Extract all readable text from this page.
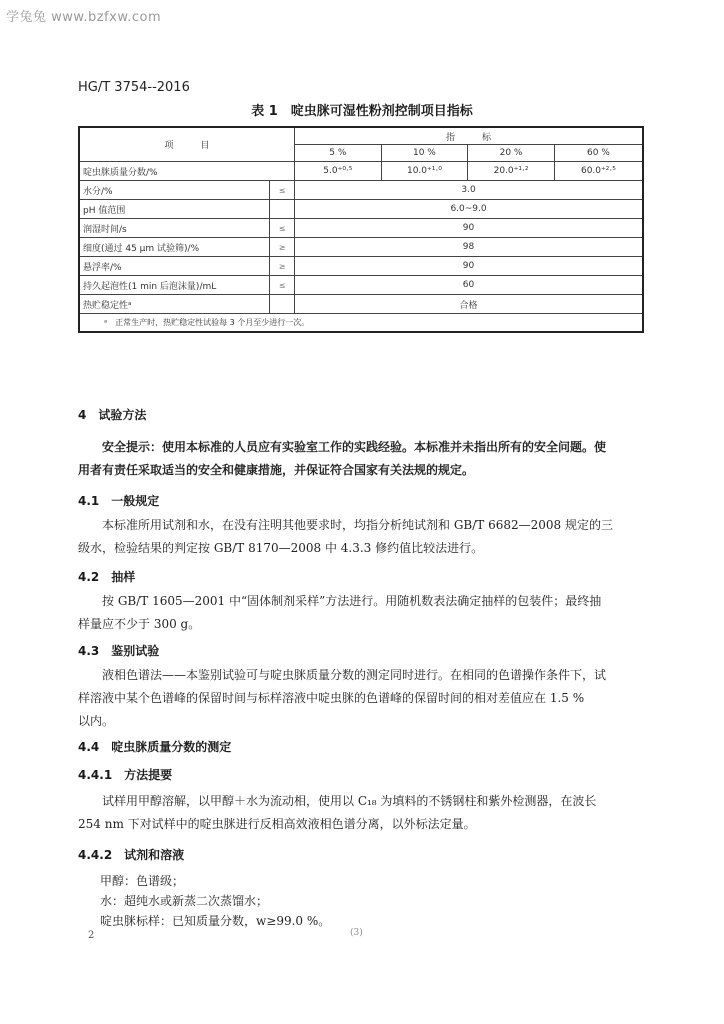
学兔兔 www.bzfxw.com
HG/T 3754--2016
表 1　啶虫脒可湿性粉剂控制项目指标
项　　　目		指　　　标			
		5 %	10 %	20 %	60 %
啶虫脒质量分数/%		5.0⁺⁰·⁵	10.0⁺¹·⁰	20.0⁺¹·²	60.0⁺²·⁵
水分/%	≤	3.0			
pH 值范围		6.0~9.0			
润湿时间/s	≤	90			
细度(通过 45 μm 试验筛)/%	≥	98			
悬浮率/%	≥	90			
持久起泡性(1 min 后泡沫量)/mL	≤	60			
热贮稳定性ᵃ		合格			
ᵃ　正常生产时，热贮稳定性试验每 3 个月至少进行一次。					
4　试验方法
安全提示：使用本标准的人员应有实验室工作的实践经验。本标准并未指出所有的安全问题。使
用者有责任采取适当的安全和健康措施，并保证符合国家有关法规的规定。
4.1　一般规定
本标准所用试剂和水，在没有注明其他要求时，均指分析纯试剂和 GB/T 6682—2008 规定的三
级水，检验结果的判定按 GB/T 8170—2008 中 4.3.3 修约值比较法进行。
4.2　抽样
按 GB/T 1605—2001 中“固体制剂采样”方法进行。用随机数表法确定抽样的包装件；最终抽
样量应不少于 300 g。
4.3　鉴别试验
液相色谱法——本鉴别试验可与啶虫脒质量分数的测定同时进行。在相同的色谱操作条件下，试
样溶液中某个色谱峰的保留时间与标样溶液中啶虫脒的色谱峰的保留时间的相对差值应在 1.5 %
以内。
4.4　啶虫脒质量分数的测定
4.4.1　方法提要
试样用甲醇溶解，以甲醇＋水为流动相，使用以 C₁₈ 为填料的不锈钢柱和紫外检测器，在波长
254 nm 下对试样中的啶虫脒进行反相高效液相色谱分离，以外标法定量。
4.4.2　试剂和溶液
甲醇：色谱级；
水：超纯水或新蒸二次蒸馏水；
啶虫脒标样：已知质量分数，w≥99.0 %。
2	(3)
